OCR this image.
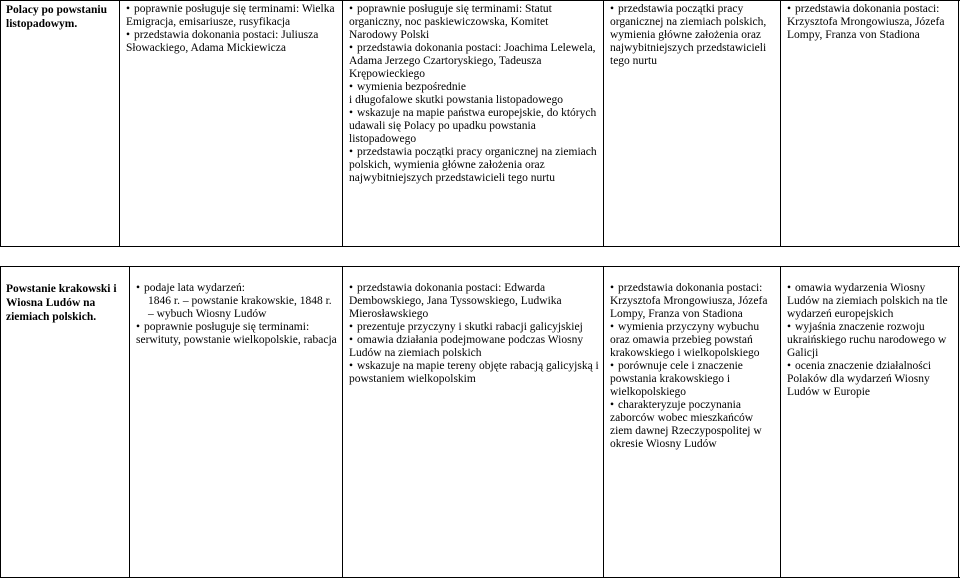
Polacy po powstaniu listopadowym.

• poprawnie posługuje się terminami: Wielka Emigracja, emisariusze, rusyfikacja

• przedstawia dokonania postaci: Juliusza Słowackiego, Adama Mickiewicza

• poprawnie posługuje się terminami: Statut organiczny, noc paskiewiczowska, Komitet Narodowy Polski

• przedstawia dokonania postaci: Joachima Lelewela, Adama Jerzego Czartoryskiego, Tadeusza Krępowieckiego

• wymienia bezpośrednie

i długofalowe skutki powstania listopadowego

• wskazuje na mapie państwa europejskie, do których udawali się Polacy po upadku powstania listopadowego

• przedstawia początki pracy organicznej na ziemiach polskich, wymienia główne założenia oraz najwybitniejszych przedstawicieli tego nurtu

• przedstawia początki pracy organicznej na ziemiach polskich, wymienia główne założenia oraz najwybitniejszych przedstawicieli tego nurtu

• przedstawia dokonania postaci: Krzysztofa Mrongowiusza, Józefa Lompy, Franza von Stadiona

Powstanie krakowski i Wiosna Ludów na ziemiach polskich.

• podaje lata wydarzeń:

1846 r. – powstanie krakowskie, 1848 r. – wybuch Wiosny Ludów

• poprawnie posługuje się terminami: serwituty, powstanie wielkopolskie, rabacja

• przedstawia dokonania postaci: Edwarda Dembowskiego, Jana Tyssowskiego, Ludwika Mierosławskiego

• prezentuje przyczyny i skutki rabacji galicyjskiej

• omawia działania podejmowane podczas Wiosny Ludów na ziemiach polskich

• wskazuje na mapie tereny objęte rabacją galicyjską i powstaniem wielkopolskim

• przedstawia dokonania postaci: Krzysztofa Mrongowiusza, Józefa Lompy, Franza von Stadiona

• wymienia przyczyny wybuchu oraz omawia przebieg powstań krakowskiego i wielkopolskiego

• porównuje cele i znaczenie powstania krakowskiego i wielkopolskiego

• charakteryzuje poczynania zaborców wobec mieszkańców ziem dawnej Rzeczypospolitej w okresie Wiosny Ludów

• omawia wydarzenia Wiosny Ludów na ziemiach polskich na tle wydarzeń europejskich

• wyjaśnia znaczenie rozwoju ukraińskiego ruchu narodowego w Galicji

• ocenia znaczenie działalności Polaków dla wydarzeń Wiosny Ludów w Europie
